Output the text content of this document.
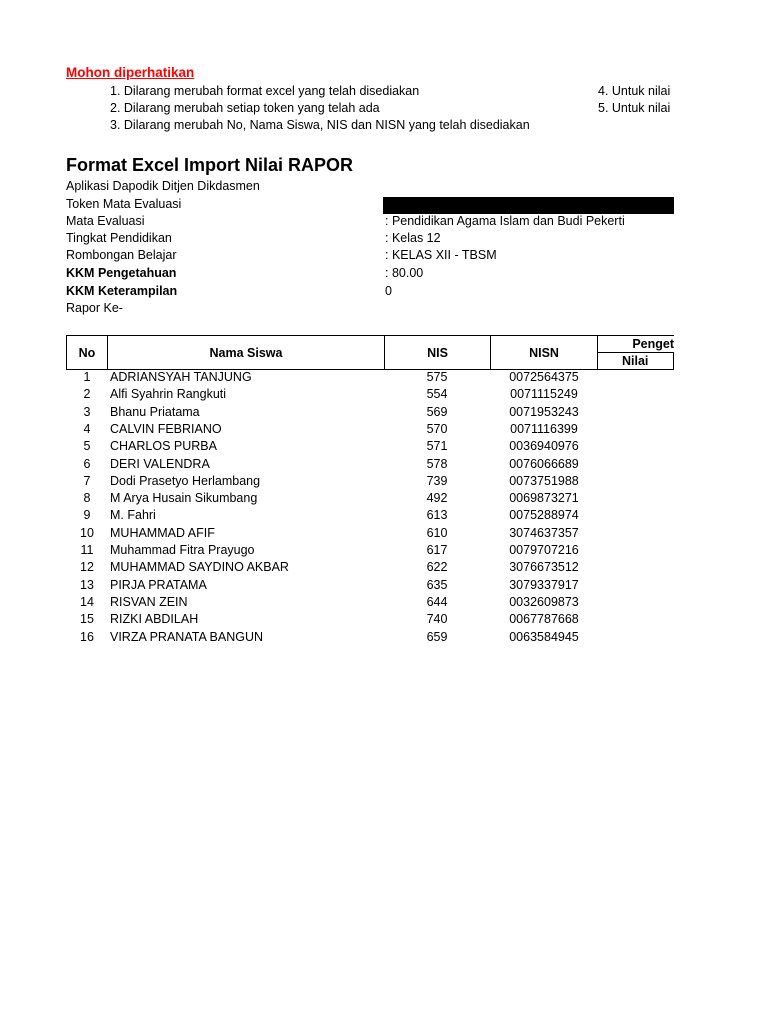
Mohon diperhatikan
1. Dilarang merubah format excel yang telah disediakan
2. Dilarang merubah setiap token yang telah ada
3. Dilarang merubah No, Nama Siswa, NIS dan NISN yang telah disediakan
4. Untuk nilai
5. Untuk nilai
Format Excel Import Nilai RAPOR
Aplikasi Dapodik Ditjen Dikdasmen
Token Mata Evaluasi
Mata Evaluasi	: Pendidikan Agama Islam dan Budi Pekerti
Tingkat Pendidikan	: Kelas 12
Rombongan Belajar	: KELAS XII - TBSM
KKM Pengetahuan	: 80.00
KKM Keterampilan	0
Rapor Ke-
No	Nama Siswa	NIS	NISN
Penget
Nilai
1	ADRIANSYAH TANJUNG	575	0072564375
2	Alfi Syahrin Rangkuti	554	0071115249
3	Bhanu Priatama	569	0071953243
4	CALVIN FEBRIANO	570	0071116399
5	CHARLOS PURBA	571	0036940976
6	DERI VALENDRA	578	0076066689
7	Dodi Prasetyo Herlambang	739	0073751988
8	M Arya Husain Sikumbang	492	0069873271
9	M. Fahri	613	0075288974
10	MUHAMMAD AFIF	610	3074637357
11	Muhammad Fitra Prayugo	617	0079707216
12	MUHAMMAD SAYDINO AKBAR	622	3076673512
13	PIRJA PRATAMA	635	3079337917
14	RISVAN ZEIN	644	0032609873
15	RIZKI ABDILAH	740	0067787668
16	VIRZA PRANATA BANGUN	659	0063584945
